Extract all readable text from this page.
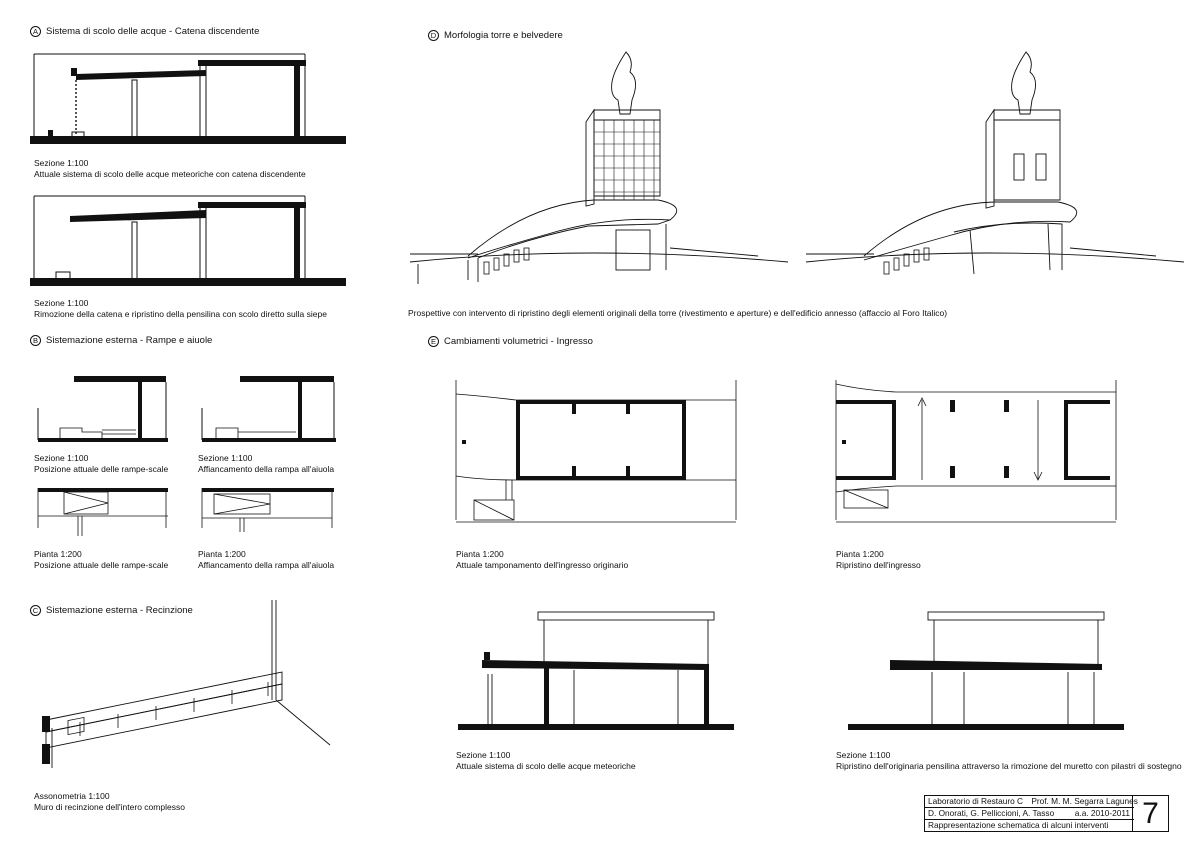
A Sistema di scolo delle acque - Catena discendente
B Sistemazione esterna - Rampe e aiuole
C Sistemazione esterna - Recinzione
D Morfologia torre e belvedere
E Cambiamenti volumetrici - Ingresso
Sezione 1:100
Attuale sistema di scolo delle acque meteoriche con catena discendente
Sezione 1:100
Rimozione della catena e ripristino della pensilina con scolo diretto sulla siepe
Sezione 1:100
Posizione attuale delle rampe-scale
Sezione 1:100
Affiancamento della rampa all'aiuola
Pianta 1:200
Posizione attuale delle rampe-scale
Pianta 1:200
Affiancamento della rampa all'aiuola
Assonometria 1:100
Muro di recinzione dell'intero complesso
Prospettive con intervento di ripristino degli elementi originali della torre (rivestimento e aperture) e dell'edificio annesso (affaccio al Foro Italico)
Pianta 1:200
Attuale tamponamento dell'ingresso originario
Pianta 1:200
Ripristino dell'ingresso
Sezione 1:100
Attuale sistema di scolo delle acque meteoriche
Sezione 1:100
Ripristino dell'originaria pensilina attraverso la rimozione del muretto con pilastri di sostegno
Laboratorio di Restauro C Prof. M. M. Segarra Lagunes
D. Onorati, G. Pelliccioni, A. Tasso a.a. 2010-2011
Rappresentazione schematica di alcuni interventi	7
